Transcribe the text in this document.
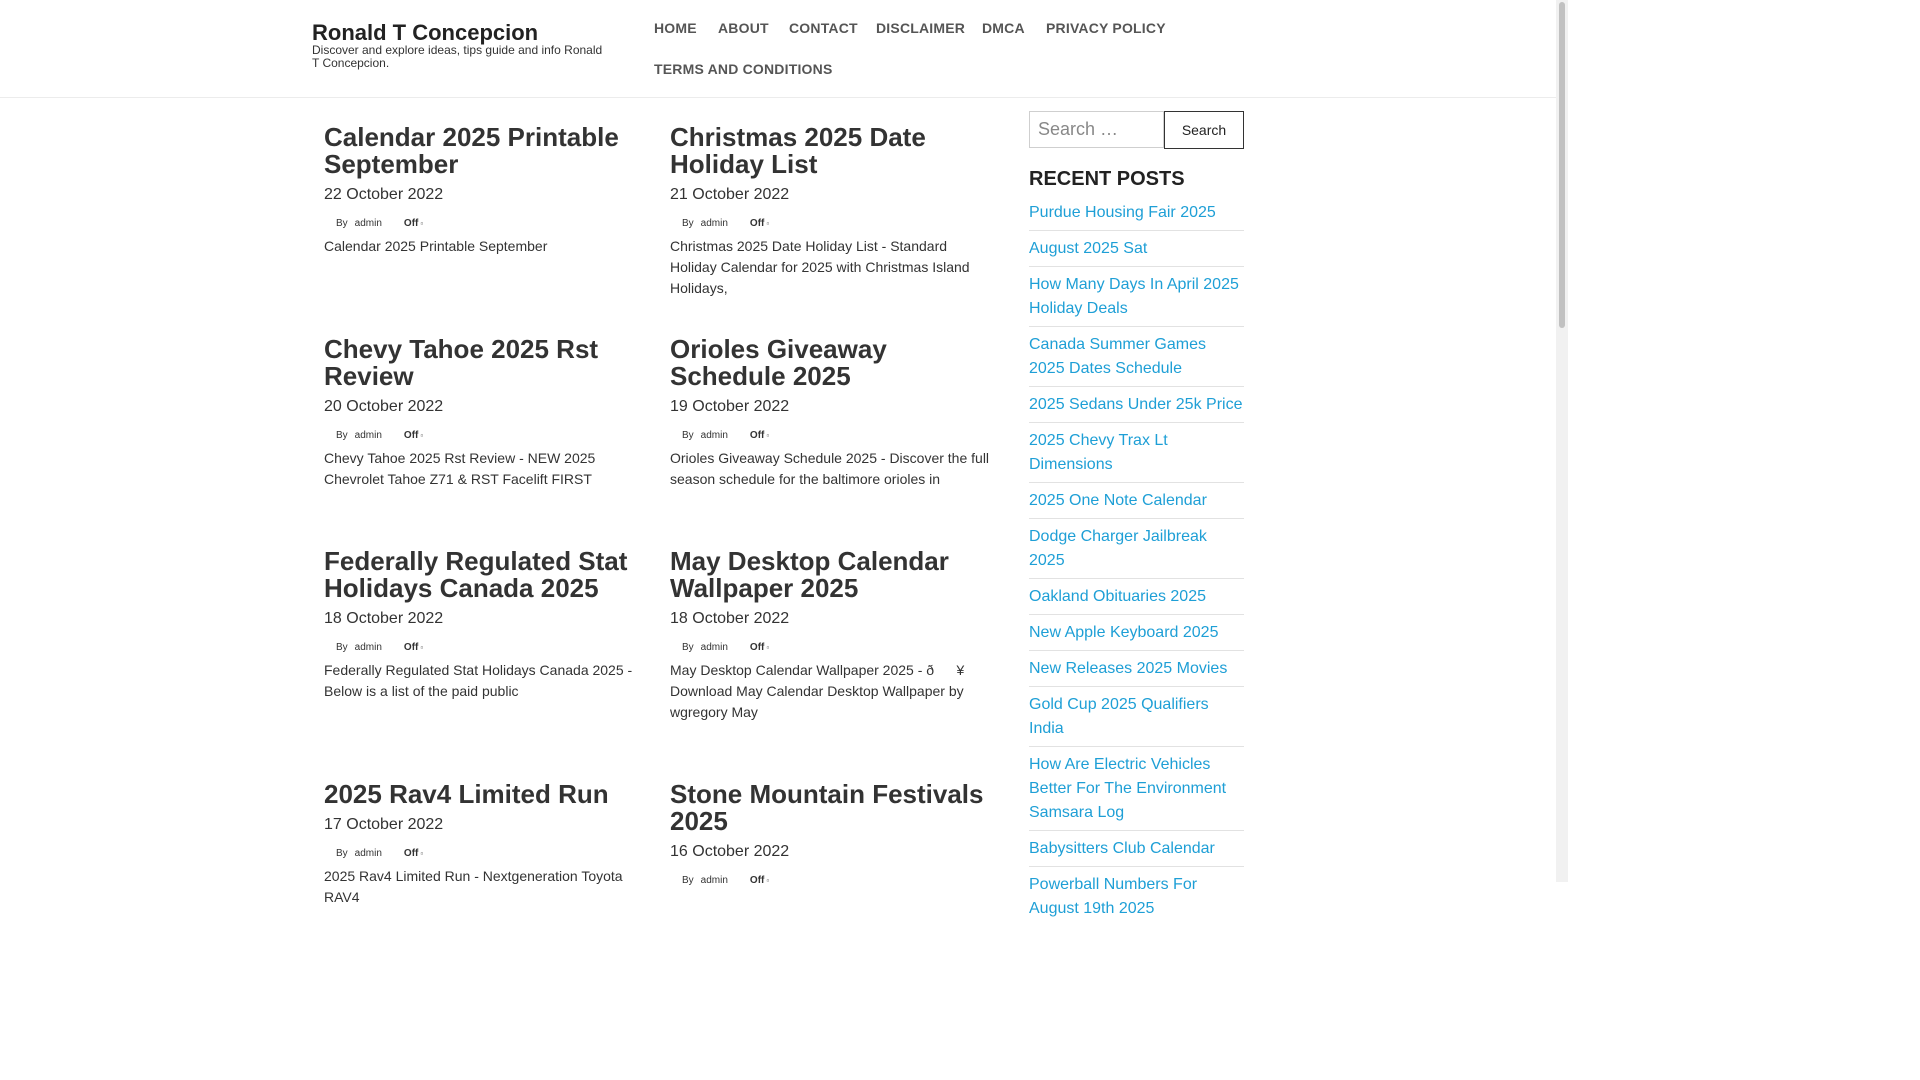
Ronald T Concepcion
Discover and explore ideas, tips guide and info Ronald T Concepcion.
HOME ABOUT CONTACT DISCLAIMER DMCA PRIVACY POLICY
TERMS AND CONDITIONS
Calendar 2025 Printable September
22 October 2022
By admin Off ▫
Calendar 2025 Printable September
Christmas 2025 Date Holiday List
21 October 2022
By admin Off ▫
Christmas 2025 Date Holiday List - Standard Holiday Calendar for 2025 with Christmas Island Holidays,
Chevy Tahoe 2025 Rst Review
20 October 2022
By admin Off ▫
Chevy Tahoe 2025 Rst Review - NEW 2025 Chevrolet Tahoe Z71 & RST Facelift FIRST
Orioles Giveaway Schedule 2025
19 October 2022
By admin Off ▫
Orioles Giveaway Schedule 2025 - Discover the full season schedule for the baltimore orioles in
Federally Regulated Stat Holidays Canada 2025
18 October 2022
By admin Off ▫
Federally Regulated Stat Holidays Canada 2025 - Below is a list of the paid public
May Desktop Calendar Wallpaper 2025
18 October 2022
By admin Off ▫
May Desktop Calendar Wallpaper 2025 - ð¥ Download May Calendar Desktop Wallpaper by wgregory May
2025 Rav4 Limited Run
17 October 2022
By admin Off ▫
2025 Rav4 Limited Run - Nextgeneration Toyota RAV4
Stone Mountain Festivals 2025
16 October 2022
By admin Off ▫
Search …
Search
RECENT POSTS
Purdue Housing Fair 2025
August 2025 Sat
How Many Days In April 2025 Holiday Deals
Canada Summer Games 2025 Dates Schedule
2025 Sedans Under 25k Price
2025 Chevy Trax Lt Dimensions
2025 One Note Calendar
Dodge Charger Jailbreak 2025
Oakland Obituaries 2025
New Apple Keyboard 2025
New Releases 2025 Movies
Gold Cup 2025 Qualifiers India
How Are Electric Vehicles Better For The Environment Samsara Log
Babysitters Club Calendar
Powerball Numbers For August 19th 2025
